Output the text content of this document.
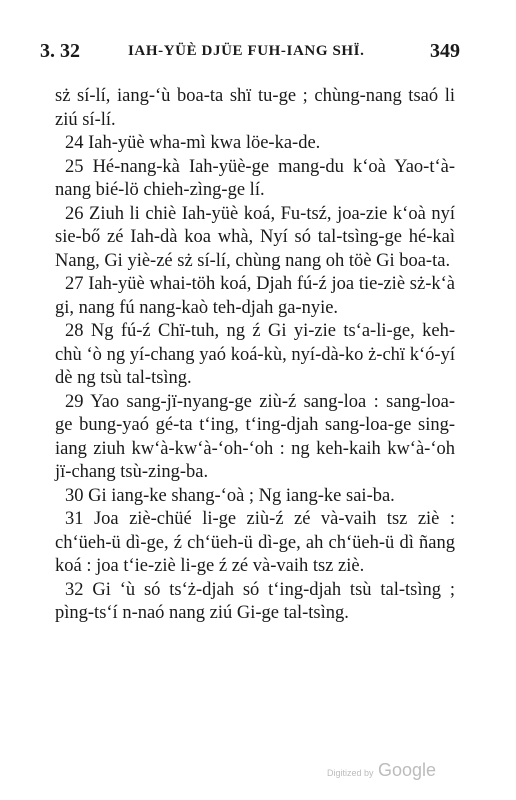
3. 32	IAH-YÜÈ DJÜE FUH-IANG SHÏ.	349
sż sí-lí, iang-‘ù boa-ta shï tu-ge ; chùng-nang tsaó li ziú sí-lí.
24 Iah-yüè wha-mì kwa löe-ka-de.
25 Hé-nang-kà Iah-yüè-ge mang-du k‘oà Yao-t‘à-nang bié-lö chieh-zìng-ge lí.
26 Ziuh li chiè Iah-yüè koá, Fu-tsź, joa-zie k‘oà nyí sie-bő zé Iah-dà koa whà, Nyí só tal-tsìng-ge hé-kaì Nang, Gi yiè-zé sż sí-lí, chùng nang oh töè Gi boa-ta.
27 Iah-yüè whai-töh koá, Djah fú-ź joa tie-ziè sż-k‘à gi, nang fú nang-kaò teh-djah ga-nyie.
28 Ng fú-ź Chï-tuh, ng ź Gi yi-zie ts‘a-li-ge, keh-chù ‘ò ng yí-chang yaó koá-kù, nyí-dà-ko ż-chï k‘ó-yí dè ng tsù tal-tsìng.
29 Yao sang-jï-nyang-ge ziù-ź sang-loa : sang-loa-ge bung-yaó gé-ta t‘ing, t‘ing-djah sang-loa-ge sing-iang ziuh kw‘à-kw‘à-‘oh-‘oh : ng keh-kaih kw‘à-‘oh jï-chang tsù-zing-ba.
30 Gi iang-ke shang-‘oà ; Ng iang-ke sai-ba.
31 Joa ziè-chüé li-ge ziù-ź zé và-vaih tsz ziè : ch‘üeh-ü dì-ge, ź ch‘üeh-ü dì-ge, ah ch‘üeh-ü dì ñang koá : joa t‘ie-ziè li-ge ź zé và-vaih tsz ziè.
32 Gi ‘ù só ts‘ż-djah só t‘ing-djah tsù tal-tsìng ; pìng-ts‘í n-naó nang ziú Gi-ge tal-tsìng.
Digitized by Google
